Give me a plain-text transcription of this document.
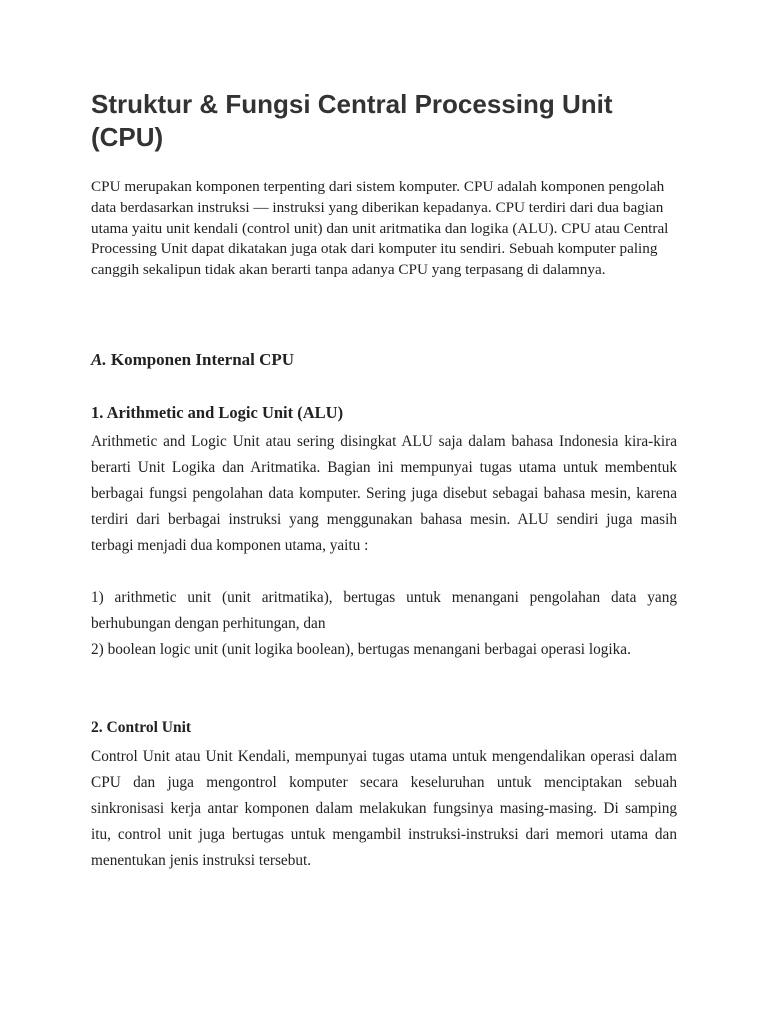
Struktur & Fungsi Central Processing Unit (CPU)

CPU merupakan komponen terpenting dari sistem komputer. CPU adalah komponen pengolah data berdasarkan instruksi — instruksi yang diberikan kepadanya. CPU terdiri dari dua bagian utama yaitu unit kendali (control unit) dan unit aritmatika dan logika (ALU). CPU atau Central Processing Unit dapat dikatakan juga otak dari komputer itu sendiri. Sebuah komputer paling canggih sekalipun tidak akan berarti tanpa adanya CPU yang terpasang di dalamnya.

A. Komponen Internal CPU
1. Arithmetic and Logic Unit (ALU)

Arithmetic and Logic Unit atau sering disingkat ALU saja dalam bahasa Indonesia kira-kira berarti Unit Logika dan Aritmatika. Bagian ini mempunyai tugas utama untuk membentuk berbagai fungsi pengolahan data komputer. Sering juga disebut sebagai bahasa mesin, karena terdiri dari berbagai instruksi yang menggunakan bahasa mesin. ALU sendiri juga masih terbagi menjadi dua komponen utama, yaitu :

1) arithmetic unit (unit aritmatika), bertugas untuk menangani pengolahan data yang berhubungan dengan perhitungan, dan

2) boolean logic unit (unit logika boolean), bertugas menangani berbagai operasi logika.

2. Control Unit

Control Unit atau Unit Kendali, mempunyai tugas utama untuk mengendalikan operasi dalam CPU dan juga mengontrol komputer secara keseluruhan untuk menciptakan sebuah sinkronisasi kerja antar komponen dalam melakukan fungsinya masing-masing. Di samping itu, control unit juga bertugas untuk mengambil instruksi-instruksi dari memori utama dan menentukan jenis instruksi tersebut.
